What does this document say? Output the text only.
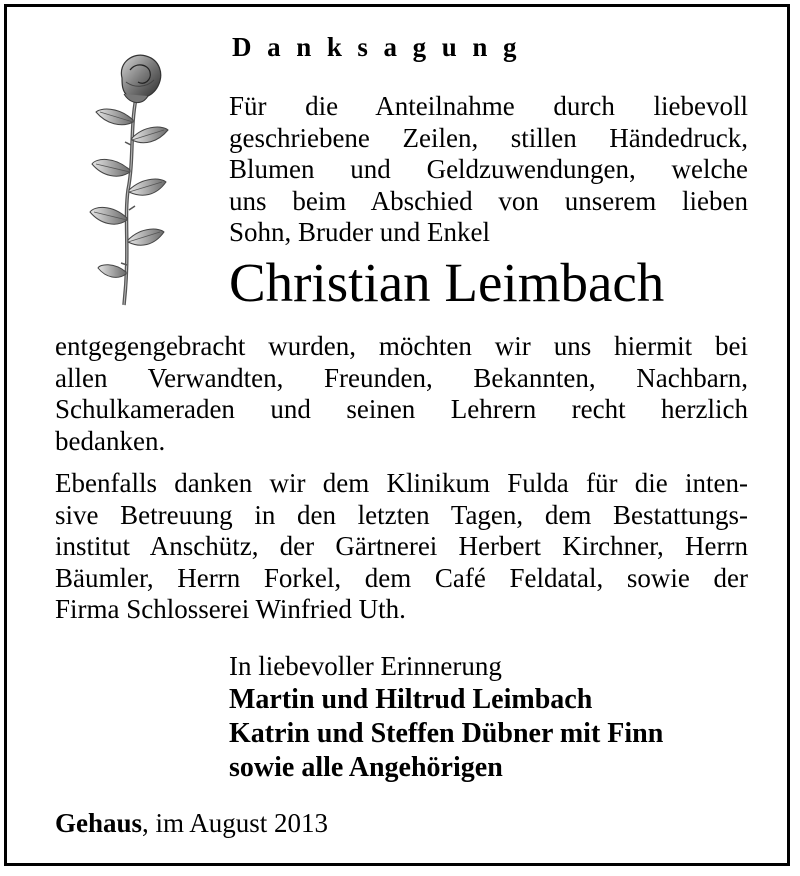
Danksagung

Für die Anteilnahme durch liebevoll
geschriebene Zeilen, stillen Händedruck,
Blumen und Geldzuwendungen, welche
uns beim Abschied von unserem lieben
Sohn, Bruder und Enkel

Christian Leimbach

entgegengebracht wurden, möchten wir uns hiermit bei
allen Verwandten, Freunden, Bekannten, Nachbarn,
Schulkameraden und seinen Lehrern recht herzlich
bedanken.

Ebenfalls danken wir dem Klinikum Fulda für die inten-
sive Betreuung in den letzten Tagen, dem Bestattungs-
institut Anschütz, der Gärtnerei Herbert Kirchner, Herrn
Bäumler, Herrn Forkel, dem Café Feldatal, sowie der
Firma Schlosserei Winfried Uth.

In liebevoller Erinnerung
Martin und Hiltrud Leimbach
Katrin und Steffen Dübner mit Finn
sowie alle Angehörigen
Gehaus, im August 2013
